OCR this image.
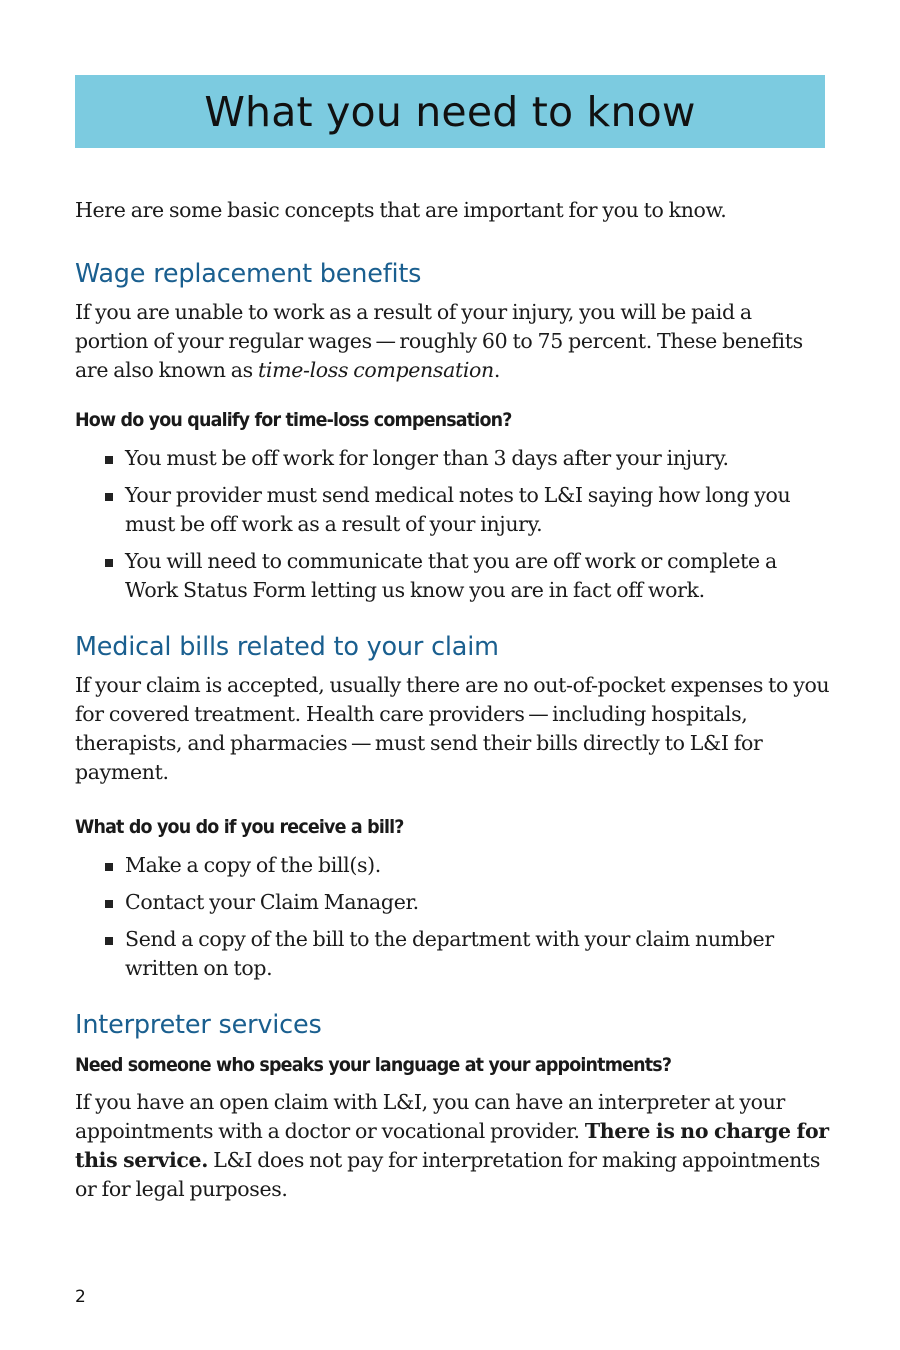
What you need to know

Here are some basic concepts that are important for you to know.

Wage replacement benefits

If you are unable to work as a result of your injury, you will be paid a portion of your regular wages — roughly 60 to 75 percent. These benefits are also known as time-loss compensation.

How do you qualify for time-loss compensation?
You must be off work for longer than 3 days after your injury.
Your provider must send medical notes to L&I saying how long you must be off work as a result of your injury.
You will need to communicate that you are off work or complete a Work Status Form letting us know you are in fact off work.
Medical bills related to your claim

If your claim is accepted, usually there are no out-of-pocket expenses to you for covered treatment. Health care providers — including hospitals, therapists, and pharmacies — must send their bills directly to L&I for payment.

What do you do if you receive a bill?
Make a copy of the bill(s).
Contact your Claim Manager.
Send a copy of the bill to the department with your claim number written on top.
Interpreter services
Need someone who speaks your language at your appointments?

If you have an open claim with L&I, you can have an interpreter at your appointments with a doctor or vocational provider. There is no charge for this service. L&I does not pay for interpretation for making appointments or for legal purposes.

2
